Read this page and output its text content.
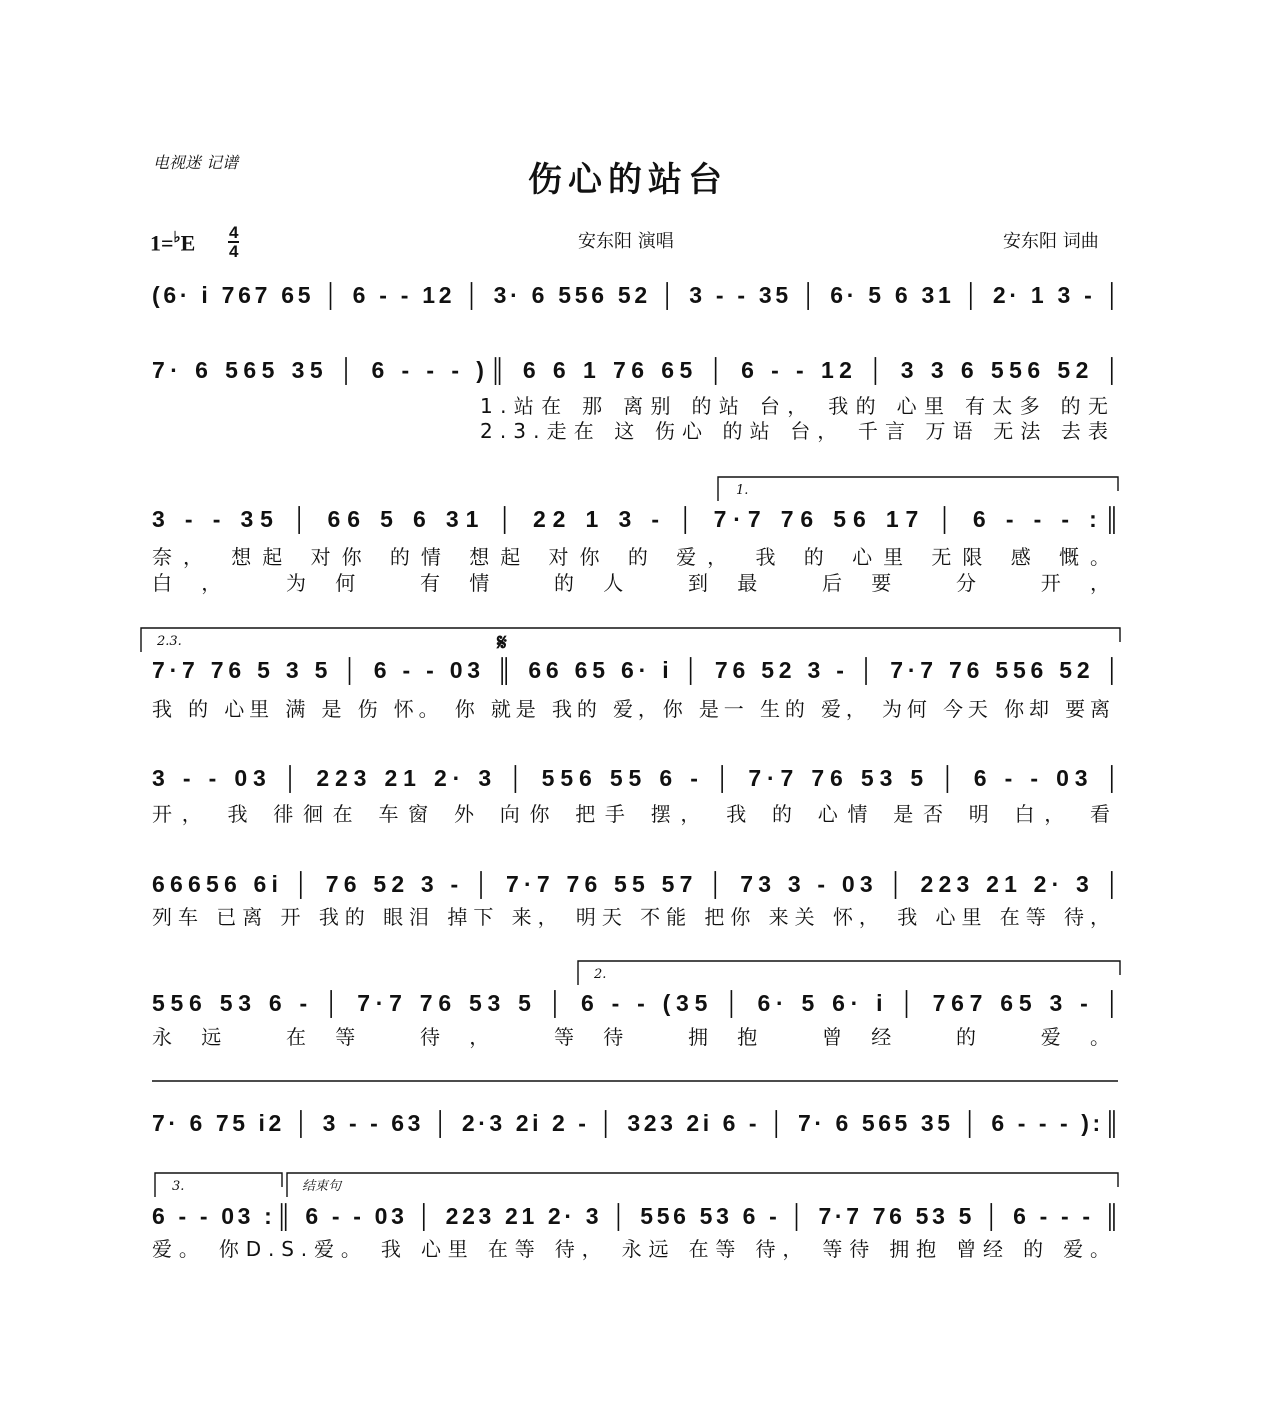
电视迷 记谱	伤心的站台
1=♭E 4
4	安东阳 演唱	安东阳 词曲
(6· i 767 65 │ 6 - - 12 │ 3· 6 556 52 │ 3 - - 35 │ 6· 5 6 31 │ 2· 1 3 - │
7· 6 565 35 │ 6 - - - )║ 6 6 1 76 65 │ 6 - - 12 │ 3 3 6 556 52 │
1.站在 那 离别 的站 台， 我的 心里 有太多 的无
2.3.走在 这 伤心 的站 台， 千言 万语 无法 去表
3 - - 35 │ 66 5 6 31 │ 22 1 3 - │ 7·7 76 56 17 │ 6 - - - :║
奈， 想起 对你 的情 想起 对你 的 爱， 我 的 心里 无限 感 慨。
白， 为何 有情 的人 到最 后要 分 开，
1.
7·7 76 5 3 5 │ 6 - - 03 ║ 66 65 6· i │ 76 52 3 - │ 7·7 76 556 52 │
我 的 心里 满 是 伤 怀。 你 就是 我的 爱，你 是一 生的 爱， 为何 今天 你却 要离
2.3.	𝄋
3 - - 03 │ 223 21 2· 3 │ 556 55 6 - │ 7·7 76 53 5 │ 6 - - 03 │
开， 我 徘徊在 车窗 外 向你 把手 摆， 我 的 心情 是否 明 白， 看
66656 6i │ 76 52 3 - │ 7·7 76 55 57 │ 73 3 - 03 │ 223 21 2· 3 │
列车 已离 开 我的 眼泪 掉下 来， 明天 不能 把你 来关 怀， 我 心里 在等 待，
556 53 6 - │ 7·7 76 53 5 │ 6 - - (35 │ 6· 5 6· i │ 767 65 3 - │
永远 在等 待， 等待 拥抱 曾经 的 爱。
2.
7· 6 75 i2 │ 3 - - 63 │ 2·3 2i 2 - │ 323 2i 6 - │ 7· 6 565 35 │ 6 - - - ):║
6 - - 03 :║ 6 - - 03 │ 223 21 2· 3 │ 556 53 6 - │ 7·7 76 53 5 │ 6 - - - ║
爱。 你D.S.爱。 我 心里 在等 待， 永远 在等 待， 等待 拥抱 曾经 的 爱。
3.	结束句
